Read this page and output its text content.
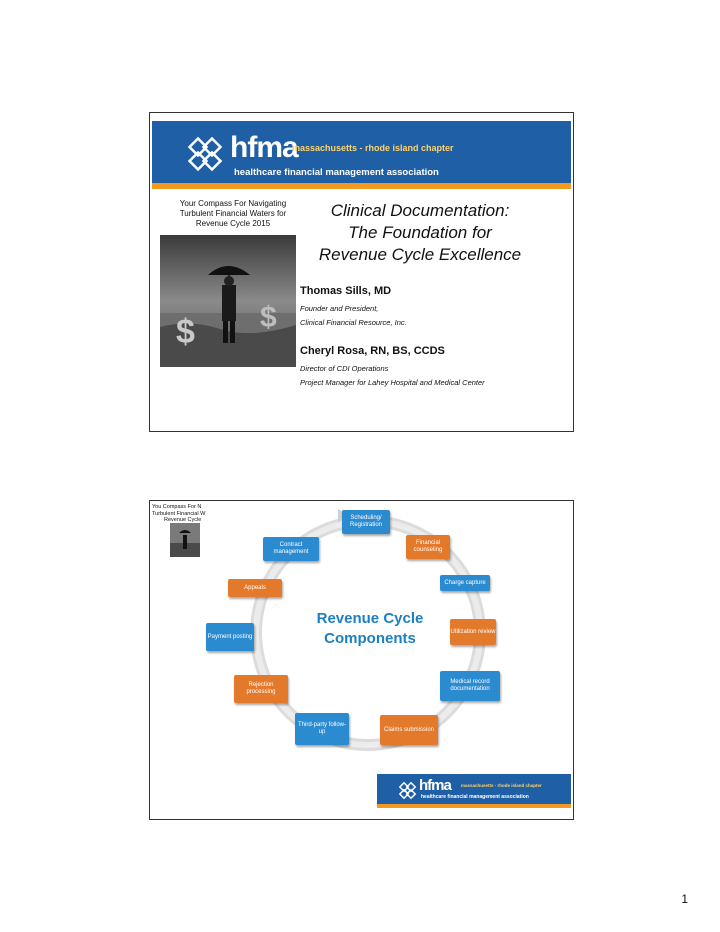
hfma
massachusetts - rhode island chapter
healthcare financial management association
Your Compass For Navigating
Turbulent Financial Waters for
Revenue Cycle 2015
$ $
Clinical Documentation:
The Foundation for
Revenue Cycle Excellence
Thomas Sills, MD
Founder and President,
Clinical Financial Resource, Inc.
Cheryl Rosa, RN, BS, CCDS
Director of CDI Operations
Project Manager for Lahey Hospital and Medical Center
You Compass For N
Turbulent Financial W
Revenue Cycle
Revenue Cycle
Components
Scheduling/ Registration
Financial counseling
Charge capture
Utilization review
Medical record documentation
Claims submission
Third-party follow-up
Rejection processing
Payment posting
Appeals
Contract management
hfma massachusetts - rhode island chapter
healthcare financial management association
1
